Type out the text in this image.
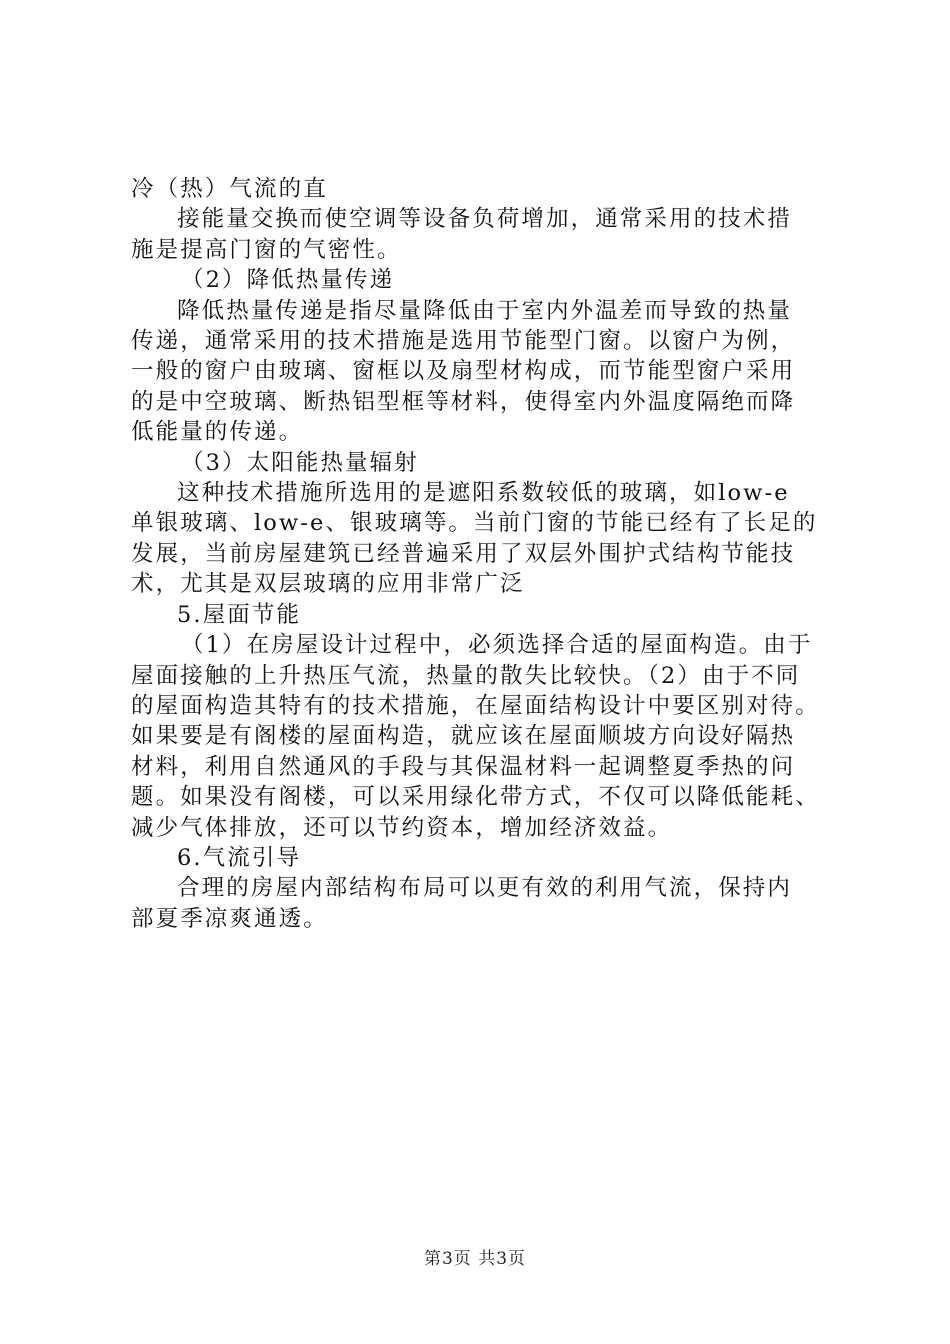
冷（热）气流的直

接能量交换而使空调等设备负荷增加，通常采用的技术措

施是提高门窗的气密性。

（2）降低热量传递

降低热量传递是指尽量降低由于室内外温差而导致的热量

传递，通常采用的技术措施是选用节能型门窗。以窗户为例，

一般的窗户由玻璃、窗框以及扇型材构成，而节能型窗户采用

的是中空玻璃、断热铝型框等材料，使得室内外温度隔绝而降

低能量的传递。

（3）太阳能热量辐射

这种技术措施所选用的是遮阳系数较低的玻璃，如low-e

单银玻璃、low-e、银玻璃等。当前门窗的节能已经有了长足的

发展，当前房屋建筑已经普遍采用了双层外围护式结构节能技

术，尤其是双层玻璃的应用非常广泛

5.屋面节能

（1）在房屋设计过程中，必须选择合适的屋面构造。由于

屋面接触的上升热压气流，热量的散失比较快。（2）由于不同

的屋面构造其特有的技术措施，在屋面结构设计中要区别对待。

如果要是有阁楼的屋面构造，就应该在屋面顺坡方向设好隔热

材料，利用自然通风的手段与其保温材料一起调整夏季热的问

题。如果没有阁楼，可以采用绿化带方式，不仅可以降低能耗、

减少气体排放，还可以节约资本，增加经济效益。

6.气流引导

合理的房屋内部结构布局可以更有效的利用气流，保持内

部夏季凉爽通透。

第3页 共3页
